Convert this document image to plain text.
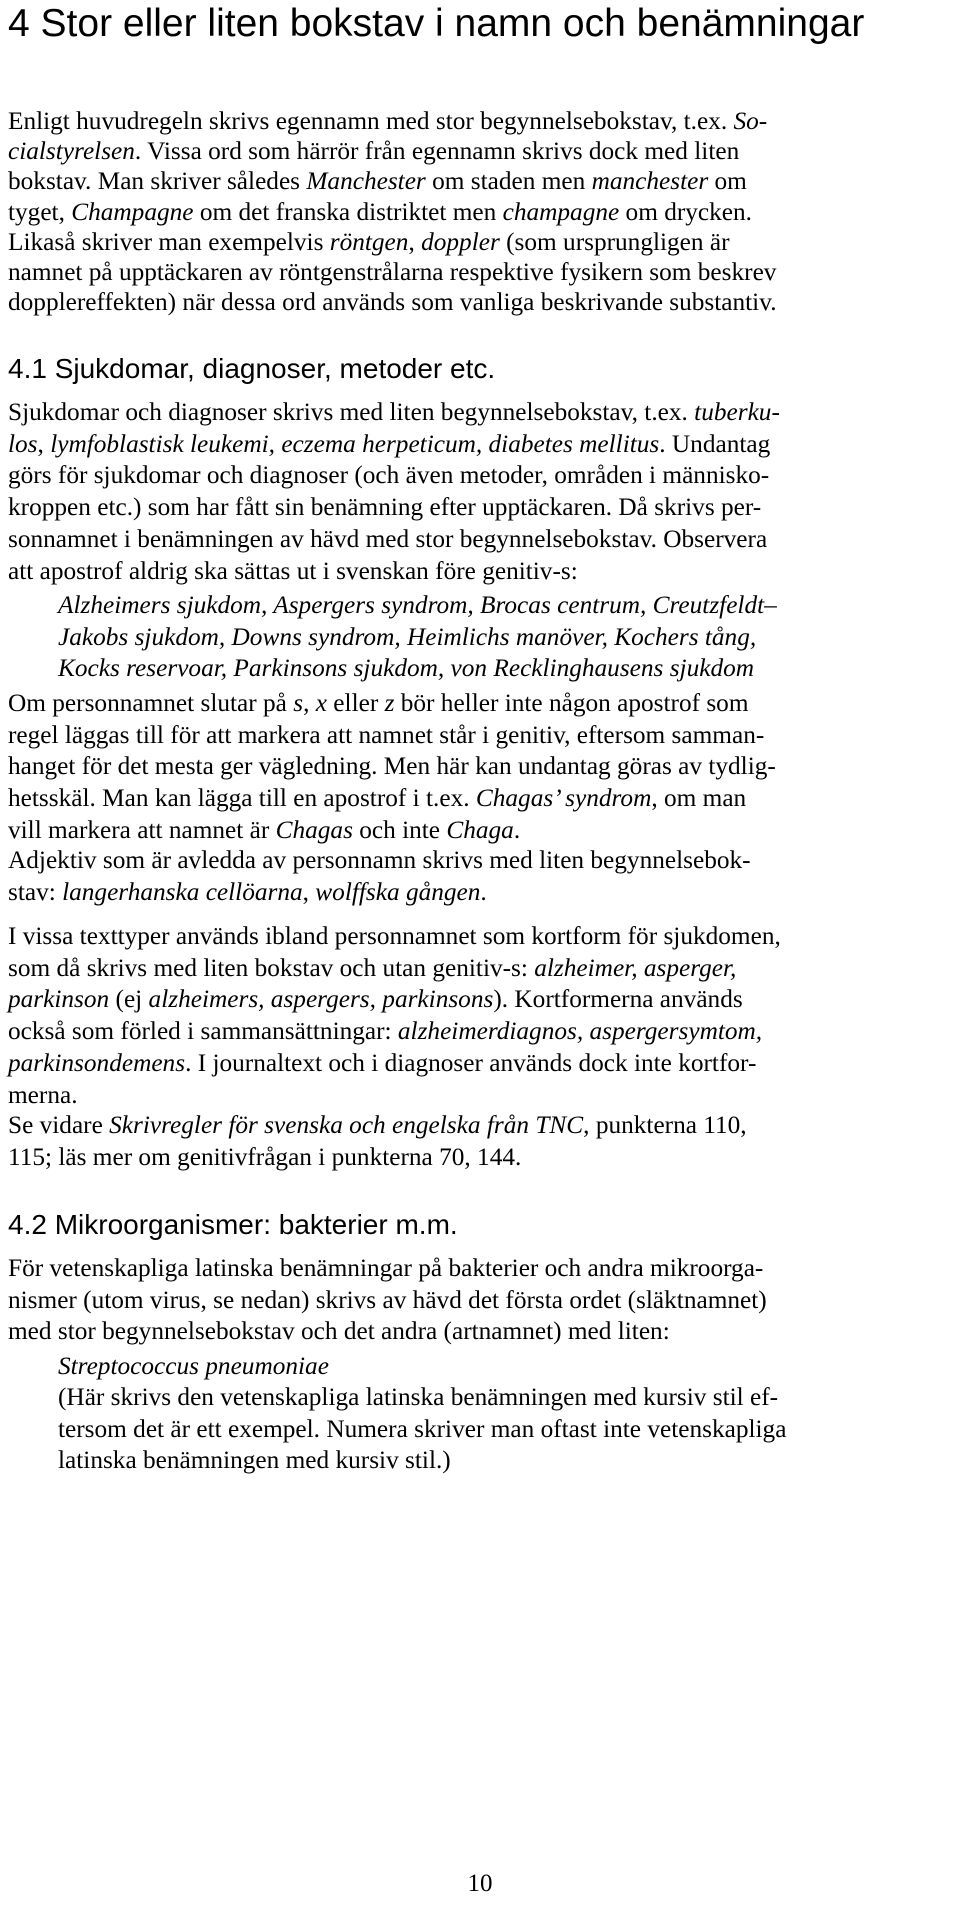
4 Stor eller liten bokstav i namn och benämningar

Enligt huvudregeln skrivs egennamn med stor begynnelsebokstav, t.ex. So-
cialstyrelsen. Vissa ord som härrör från egennamn skrivs dock med liten
bokstav. Man skriver således Manchester om staden men manchester om
tyget, Champagne om det franska distriktet men champagne om drycken.
Likaså skriver man exempelvis röntgen, doppler (som ursprungligen är
namnet på upptäckaren av röntgenstrålarna respektive fysikern som beskrev
dopplereffekten) när dessa ord används som vanliga beskrivande substantiv.

4.1 Sjukdomar, diagnoser, metoder etc.

Sjukdomar och diagnoser skrivs med liten begynnelsebokstav, t.ex. tuberku-
los, lymfoblastisk leukemi, eczema herpeticum, diabetes mellitus. Undantag
görs för sjukdomar och diagnoser (och även metoder, områden i människo-
kroppen etc.) som har fått sin benämning efter upptäckaren. Då skrivs per-
sonnamnet i benämningen av hävd med stor begynnelsebokstav. Observera
att apostrof aldrig ska sättas ut i svenskan före genitiv-s:

Alzheimers sjukdom, Aspergers syndrom, Brocas centrum, Creutzfeldt–
Jakobs sjukdom, Downs syndrom, Heimlichs manöver, Kochers tång,
Kocks reservoar, Parkinsons sjukdom, von Recklinghausens sjukdom

Om personnamnet slutar på s, x eller z bör heller inte någon apostrof som
regel läggas till för att markera att namnet står i genitiv, eftersom samman-
hanget för det mesta ger vägledning. Men här kan undantag göras av tydlig-
hetsskäl. Man kan lägga till en apostrof i t.ex. Chagas’ syndrom, om man
vill markera att namnet är Chagas och inte Chaga.

Adjektiv som är avledda av personnamn skrivs med liten begynnelsebok-
stav: langerhanska cellöarna, wolffska gången.

I vissa texttyper används ibland personnamnet som kortform för sjukdomen,
som då skrivs med liten bokstav och utan genitiv-s: alzheimer, asperger,
parkinson (ej alzheimers, aspergers, parkinsons). Kortformerna används
också som förled i sammansättningar: alzheimerdiagnos, aspergersymtom,
parkinsondemens. I journaltext och i diagnoser används dock inte kortfor-
merna.

Se vidare Skrivregler för svenska och engelska från TNC, punkterna 110,
115; läs mer om genitivfrågan i punkterna 70, 144.

4.2 Mikroorganismer: bakterier m.m.

För vetenskapliga latinska benämningar på bakterier och andra mikroorga-
nismer (utom virus, se nedan) skrivs av hävd det första ordet (släktnamnet)
med stor begynnelsebokstav och det andra (artnamnet) med liten:

Streptococcus pneumoniae

(Här skrivs den vetenskapliga latinska benämningen med kursiv stil ef-
tersom det är ett exempel. Numera skriver man oftast inte vetenskapliga
latinska benämningen med kursiv stil.)

10
